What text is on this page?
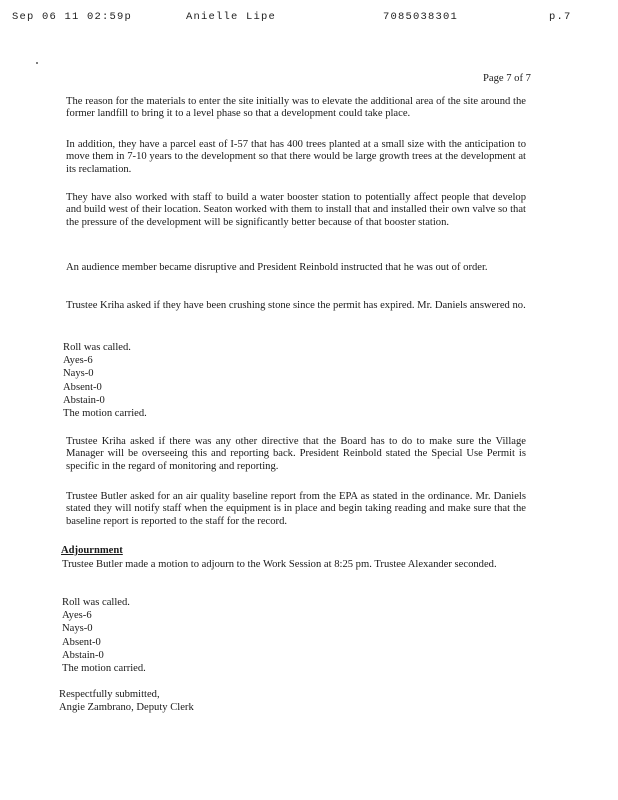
Sep 06 11 02:59p	Anielle Lipe	7085038301	p.7
Page 7 of 7

The reason for the materials to enter the site initially was to elevate the additional area of the site around the former landfill to bring it to a level phase so that a development could take place.

In addition, they have a parcel east of I-57 that has 400 trees planted at a small size with the anticipation to move them in 7-10 years to the development so that there would be large growth trees at the development at its reclamation.

They have also worked with staff to build a water booster station to potentially affect people that develop and build west of their location. Seaton worked with them to install that and installed their own valve so that the pressure of the development will be significantly better because of that booster station.

An audience member became disruptive and President Reinbold instructed that he was out of order.

Trustee Kriha asked if they have been crushing stone since the permit has expired. Mr. Daniels answered no.

Roll was called.
Ayes-6
Nays-0
Absent-0
Abstain-0
The motion carried.

Trustee Kriha asked if there was any other directive that the Board has to do to make sure the Village Manager will be overseeing this and reporting back. President Reinbold stated the Special Use Permit is specific in the regard of monitoring and reporting.

Trustee Butler asked for an air quality baseline report from the EPA as stated in the ordinance. Mr. Daniels stated they will notify staff when the equipment is in place and begin taking reading and make sure that the baseline report is reported to the staff for the record.

Adjournment

Trustee Butler made a motion to adjourn to the Work Session at 8:25 pm. Trustee Alexander seconded.

Roll was called.
Ayes-6
Nays-0
Absent-0
Abstain-0
The motion carried.
Respectfully submitted,
Angie Zambrano, Deputy Clerk
